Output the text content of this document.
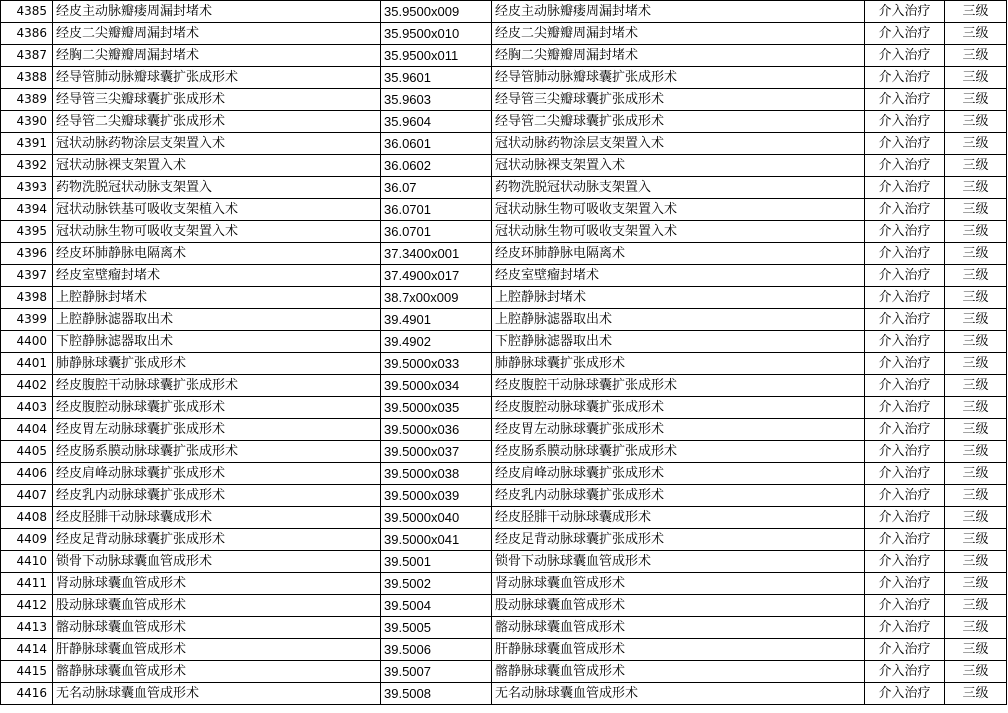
4385	经皮主动脉瓣瘘周漏封堵术	35.9500x009	经皮主动脉瓣瘘周漏封堵术	介入治疗	三级
4386	经皮二尖瓣瓣周漏封堵术	35.9500x010	经皮二尖瓣瓣周漏封堵术	介入治疗	三级
4387	经胸二尖瓣瓣周漏封堵术	35.9500x011	经胸二尖瓣瓣周漏封堵术	介入治疗	三级
4388	经导管肺动脉瓣球囊扩张成形术	35.9601	经导管肺动脉瓣球囊扩张成形术	介入治疗	三级
4389	经导管三尖瓣球囊扩张成形术	35.9603	经导管三尖瓣球囊扩张成形术	介入治疗	三级
4390	经导管二尖瓣球囊扩张成形术	35.9604	经导管二尖瓣球囊扩张成形术	介入治疗	三级
4391	冠状动脉药物涂层支架置入术	36.0601	冠状动脉药物涂层支架置入术	介入治疗	三级
4392	冠状动脉裸支架置入术	36.0602	冠状动脉裸支架置入术	介入治疗	三级
4393	药物洗脱冠状动脉支架置入	36.07	药物洗脱冠状动脉支架置入	介入治疗	三级
4394	冠状动脉铁基可吸收支架植入术	36.0701	冠状动脉生物可吸收支架置入术	介入治疗	三级
4395	冠状动脉生物可吸收支架置入术	36.0701	冠状动脉生物可吸收支架置入术	介入治疗	三级
4396	经皮环肺静脉电隔离术	37.3400x001	经皮环肺静脉电隔离术	介入治疗	三级
4397	经皮室壁瘤封堵术	37.4900x017	经皮室壁瘤封堵术	介入治疗	三级
4398	上腔静脉封堵术	38.7x00x009	上腔静脉封堵术	介入治疗	三级
4399	上腔静脉滤器取出术	39.4901	上腔静脉滤器取出术	介入治疗	三级
4400	下腔静脉滤器取出术	39.4902	下腔静脉滤器取出术	介入治疗	三级
4401	肺静脉球囊扩张成形术	39.5000x033	肺静脉球囊扩张成形术	介入治疗	三级
4402	经皮腹腔干动脉球囊扩张成形术	39.5000x034	经皮腹腔干动脉球囊扩张成形术	介入治疗	三级
4403	经皮腹腔动脉球囊扩张成形术	39.5000x035	经皮腹腔动脉球囊扩张成形术	介入治疗	三级
4404	经皮胃左动脉球囊扩张成形术	39.5000x036	经皮胃左动脉球囊扩张成形术	介入治疗	三级
4405	经皮肠系膜动脉球囊扩张成形术	39.5000x037	经皮肠系膜动脉球囊扩张成形术	介入治疗	三级
4406	经皮肩峰动脉球囊扩张成形术	39.5000x038	经皮肩峰动脉球囊扩张成形术	介入治疗	三级
4407	经皮乳内动脉球囊扩张成形术	39.5000x039	经皮乳内动脉球囊扩张成形术	介入治疗	三级
4408	经皮胫腓干动脉球囊成形术	39.5000x040	经皮胫腓干动脉球囊成形术	介入治疗	三级
4409	经皮足背动脉球囊扩张成形术	39.5000x041	经皮足背动脉球囊扩张成形术	介入治疗	三级
4410	锁骨下动脉球囊血管成形术	39.5001	锁骨下动脉球囊血管成形术	介入治疗	三级
4411	肾动脉球囊血管成形术	39.5002	肾动脉球囊血管成形术	介入治疗	三级
4412	股动脉球囊血管成形术	39.5004	股动脉球囊血管成形术	介入治疗	三级
4413	髂动脉球囊血管成形术	39.5005	髂动脉球囊血管成形术	介入治疗	三级
4414	肝静脉球囊血管成形术	39.5006	肝静脉球囊血管成形术	介入治疗	三级
4415	髂静脉球囊血管成形术	39.5007	髂静脉球囊血管成形术	介入治疗	三级
4416	无名动脉球囊血管成形术	39.5008	无名动脉球囊血管成形术	介入治疗	三级
